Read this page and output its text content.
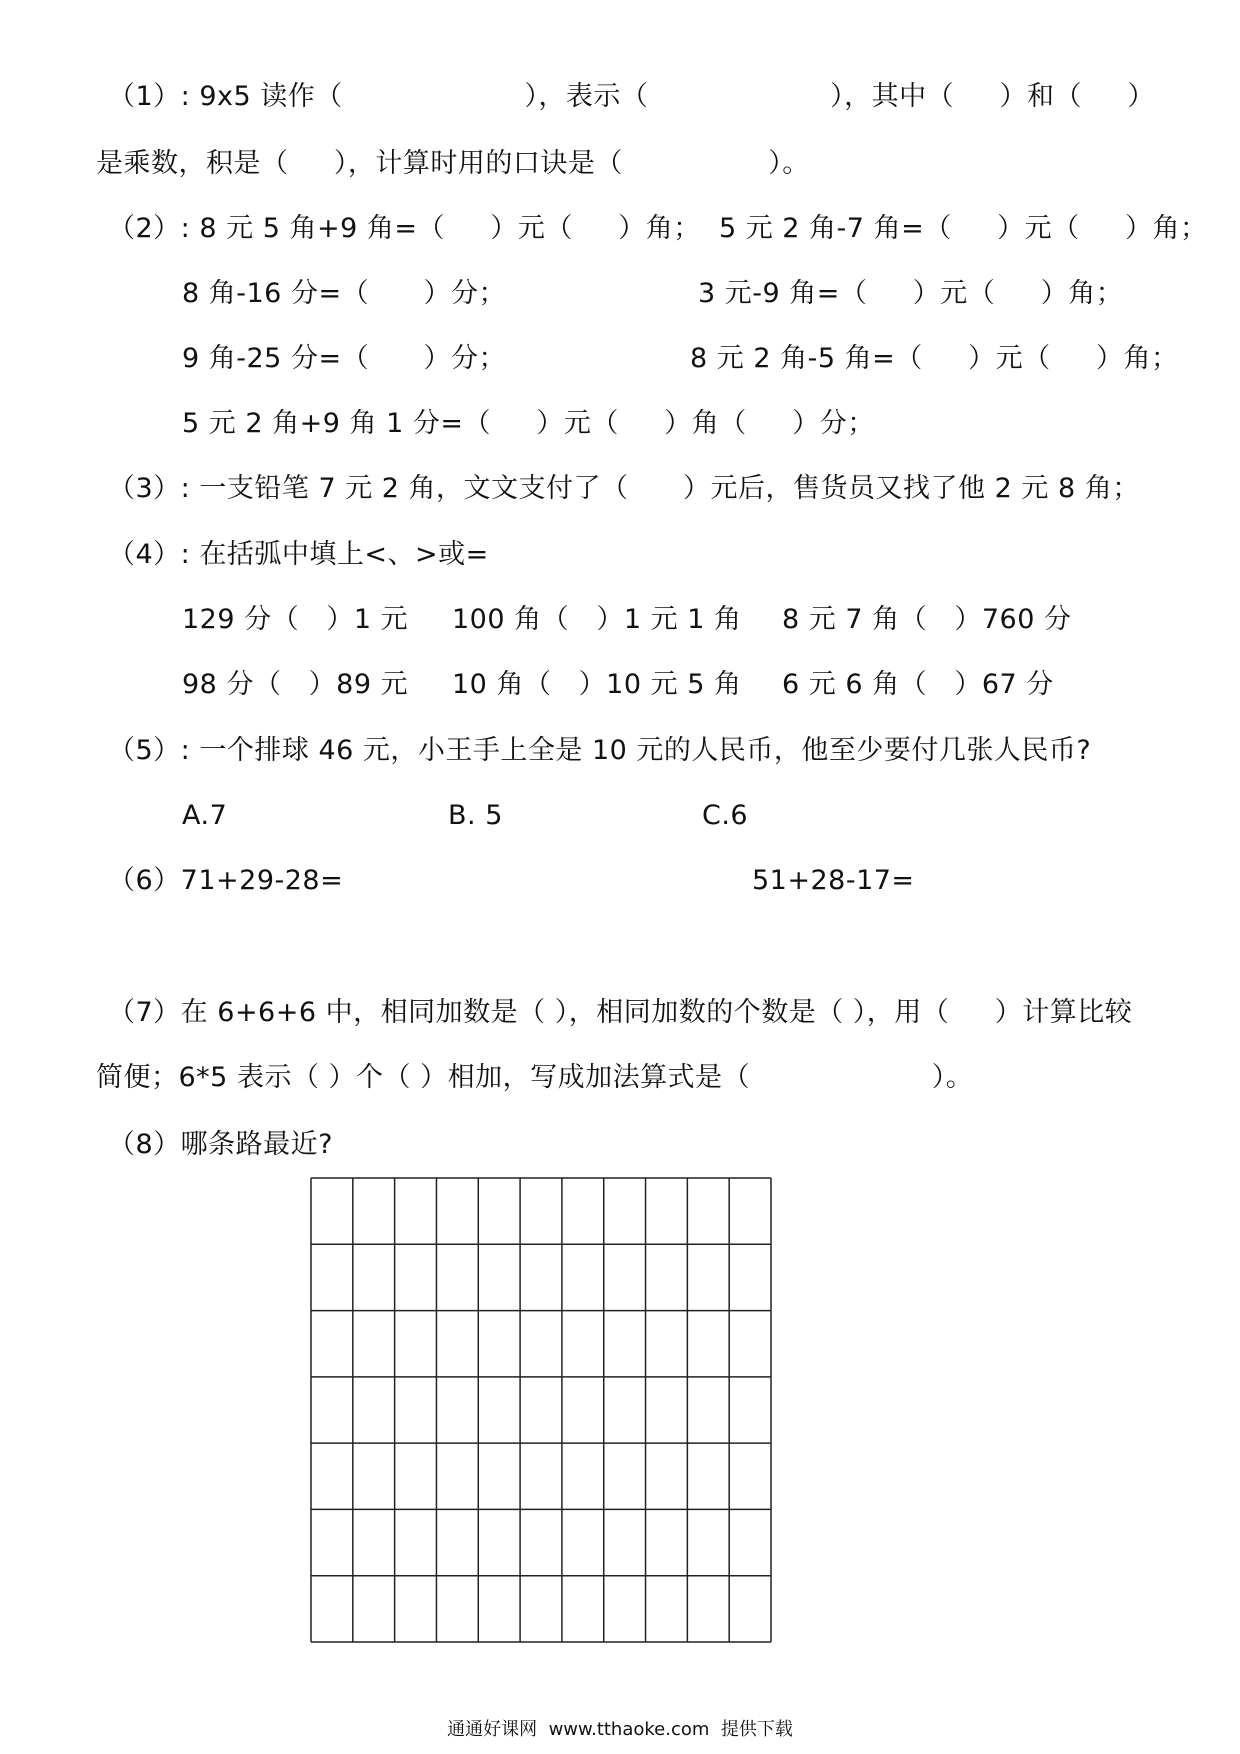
（1）: 9x5 读作（                    ），表示（                    ），其中（     ）和（     ）
是乘数，积是（     ），计算时用的口诀是（                ）。
（2）: 8 元 5 角+9 角=（     ）元（     ）角；  5 元 2 角-7 角=（     ）元（     ）角；
8 角-16 分=（      ）分；	3 元-9 角=（     ）元（     ）角；
9 角-25 分=（      ）分；	8 元 2 角-5 角=（     ）元（     ）角；
5 元 2 角+9 角 1 分=（     ）元（     ）角（     ）分；
（3）: 一支铅笔 7 元 2 角，文文支付了（      ）元后，售货员又找了他 2 元 8 角；
（4）: 在括弧中填上<、>或=
129 分（   ）1 元 100 角（   ）1 元 1 角 8 元 7 角（   ）760 分
98 分（   ）89 元 10 角（   ）10 元 5 角 6 元 6 角（   ）67 分
（5）: 一个排球 46 元，小王手上全是 10 元的人民币，他至少要付几张人民币?
A.7	B. 5	C.6
（6）71+29-28=	51+28-17=
（7）在 6+6+6 中，相同加数是（ ），相同加数的个数是（ ），用（     ）计算比较
简便；6*5 表示（ ）个（ ）相加，写成加法算式是（                    ）。
（8）哪条路最近?
通通好课网  www.tthaoke.com  提供下载
